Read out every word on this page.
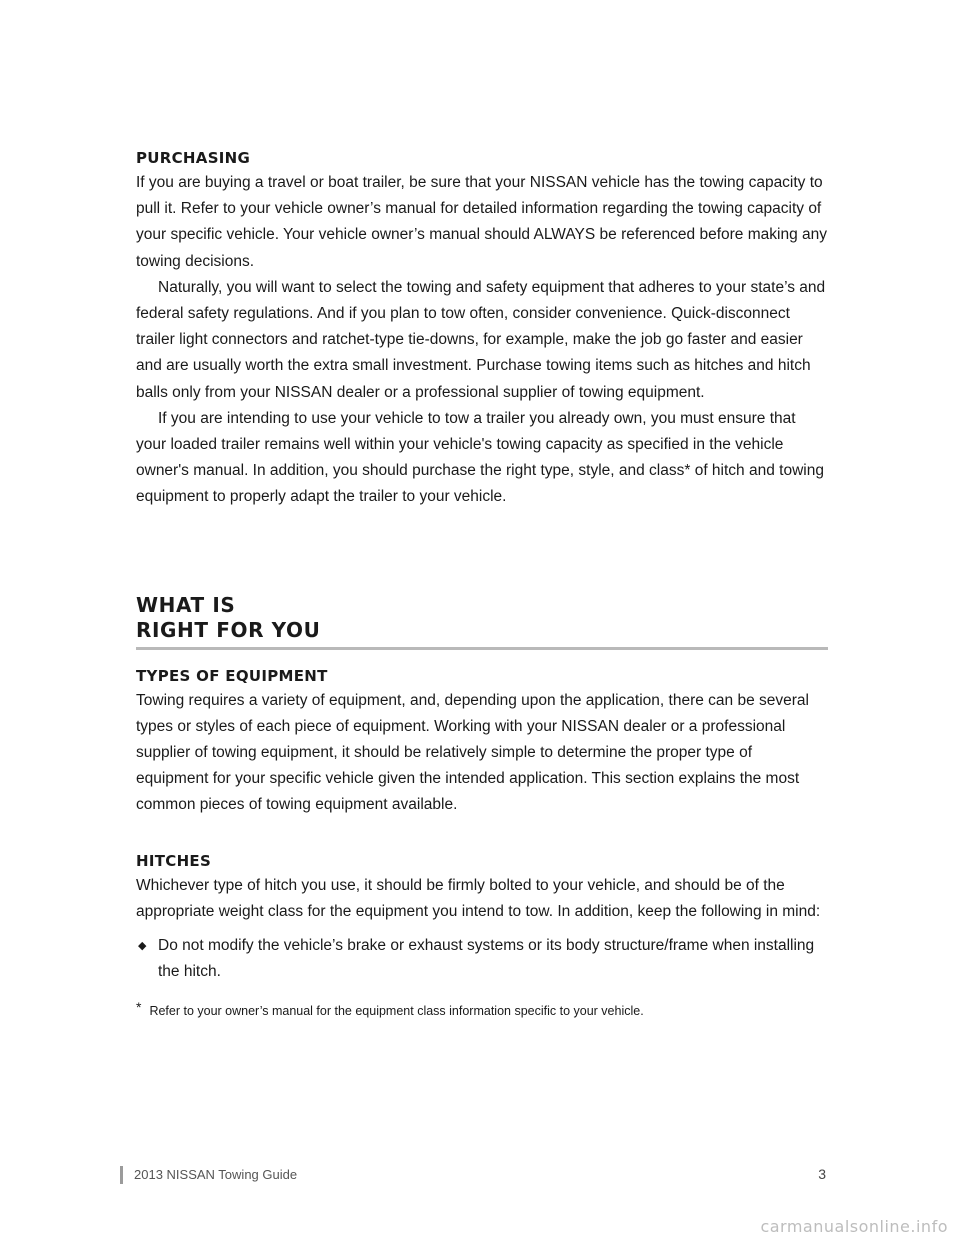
PURCHASING

If you are buying a travel or boat trailer, be sure that your NISSAN vehicle has the towing capacity to pull it. Refer to your vehicle owner’s manual for detailed information regarding the towing capacity of your specific vehicle. Your vehicle owner’s manual should ALWAYS be referenced before making any towing decisions.

Naturally, you will want to select the towing and safety equipment that adheres to your state’s and federal safety regulations. And if you plan to tow often, consider convenience. Quick-disconnect trailer light connectors and ratchet-type tie-downs, for example, make the job go faster and easier and are usually worth the extra small investment. Purchase towing items such as hitches and hitch balls only from your NISSAN dealer or a professional supplier of towing equipment.

If you are intending to use your vehicle to tow a trailer you already own, you must ensure that your loaded trailer remains well within your vehicle's towing capacity as specified in the vehicle owner's manual. In addition, you should purchase the right type, style, and class* of hitch and towing equipment to properly adapt the trailer to your vehicle.

WHAT IS
RIGHT FOR YOU
TYPES OF EQUIPMENT

Towing requires a variety of equipment, and, depending upon the application, there can be several types or styles of each piece of equipment. Working with your NISSAN dealer or a professional supplier of towing equipment, it should be relatively simple to determine the proper type of equipment for your specific vehicle given the intended application. This section explains the most common pieces of towing equipment available.

HITCHES

Whichever type of hitch you use, it should be firmly bolted to your vehicle, and should be of the appropriate weight class for the equipment you intend to tow. In addition, keep the following in mind:

◆ Do not modify the vehicle’s brake or exhaust systems or its body structure/frame when installing the hitch.
* Refer to your owner’s manual for the equipment class information specific to your vehicle.
2013 NISSAN Towing Guide	3
carmanualsonline.info
